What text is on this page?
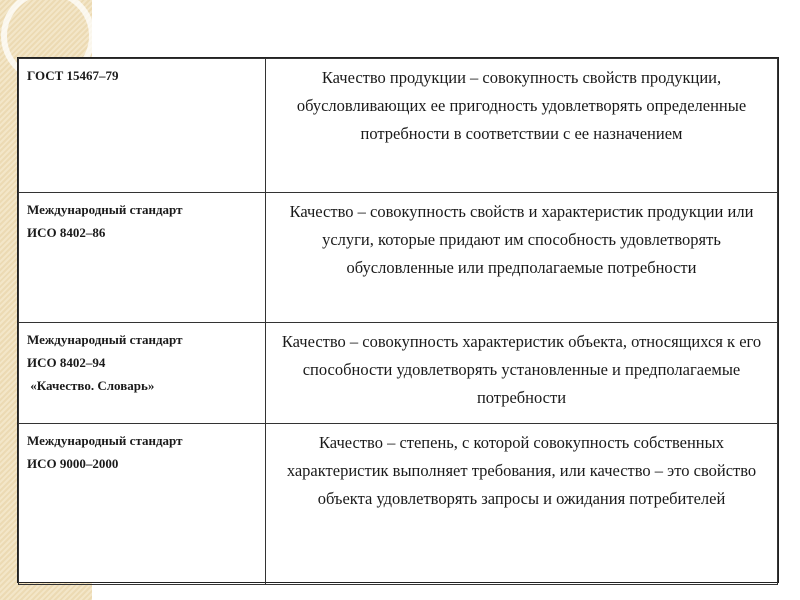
ГОСТ 15467–79	Качество продукции – совокупность свойств продукции, обусловливающих ее пригодность удовлетворять определенные потребности в соответствии с ее назначением

Международный стандарт
ИСО 8402–86	Качество – совокупность свойств и характеристик продукции или услуги, которые придают им способность удовлетворять обусловленные или предполагаемые потребности

Международный стандарт
ИСО 8402–94
«Качество. Словарь»	Качество – совокупность характеристик объекта, относящихся к его способности удовлетворять установленные и предполагаемые потребности

Международный стандарт
ИСО 9000–2000	Качество – степень, с которой совокупность собственных характеристик выполняет требования, или качество – это свойство объекта удовлетворять запросы и ожидания потребителей
